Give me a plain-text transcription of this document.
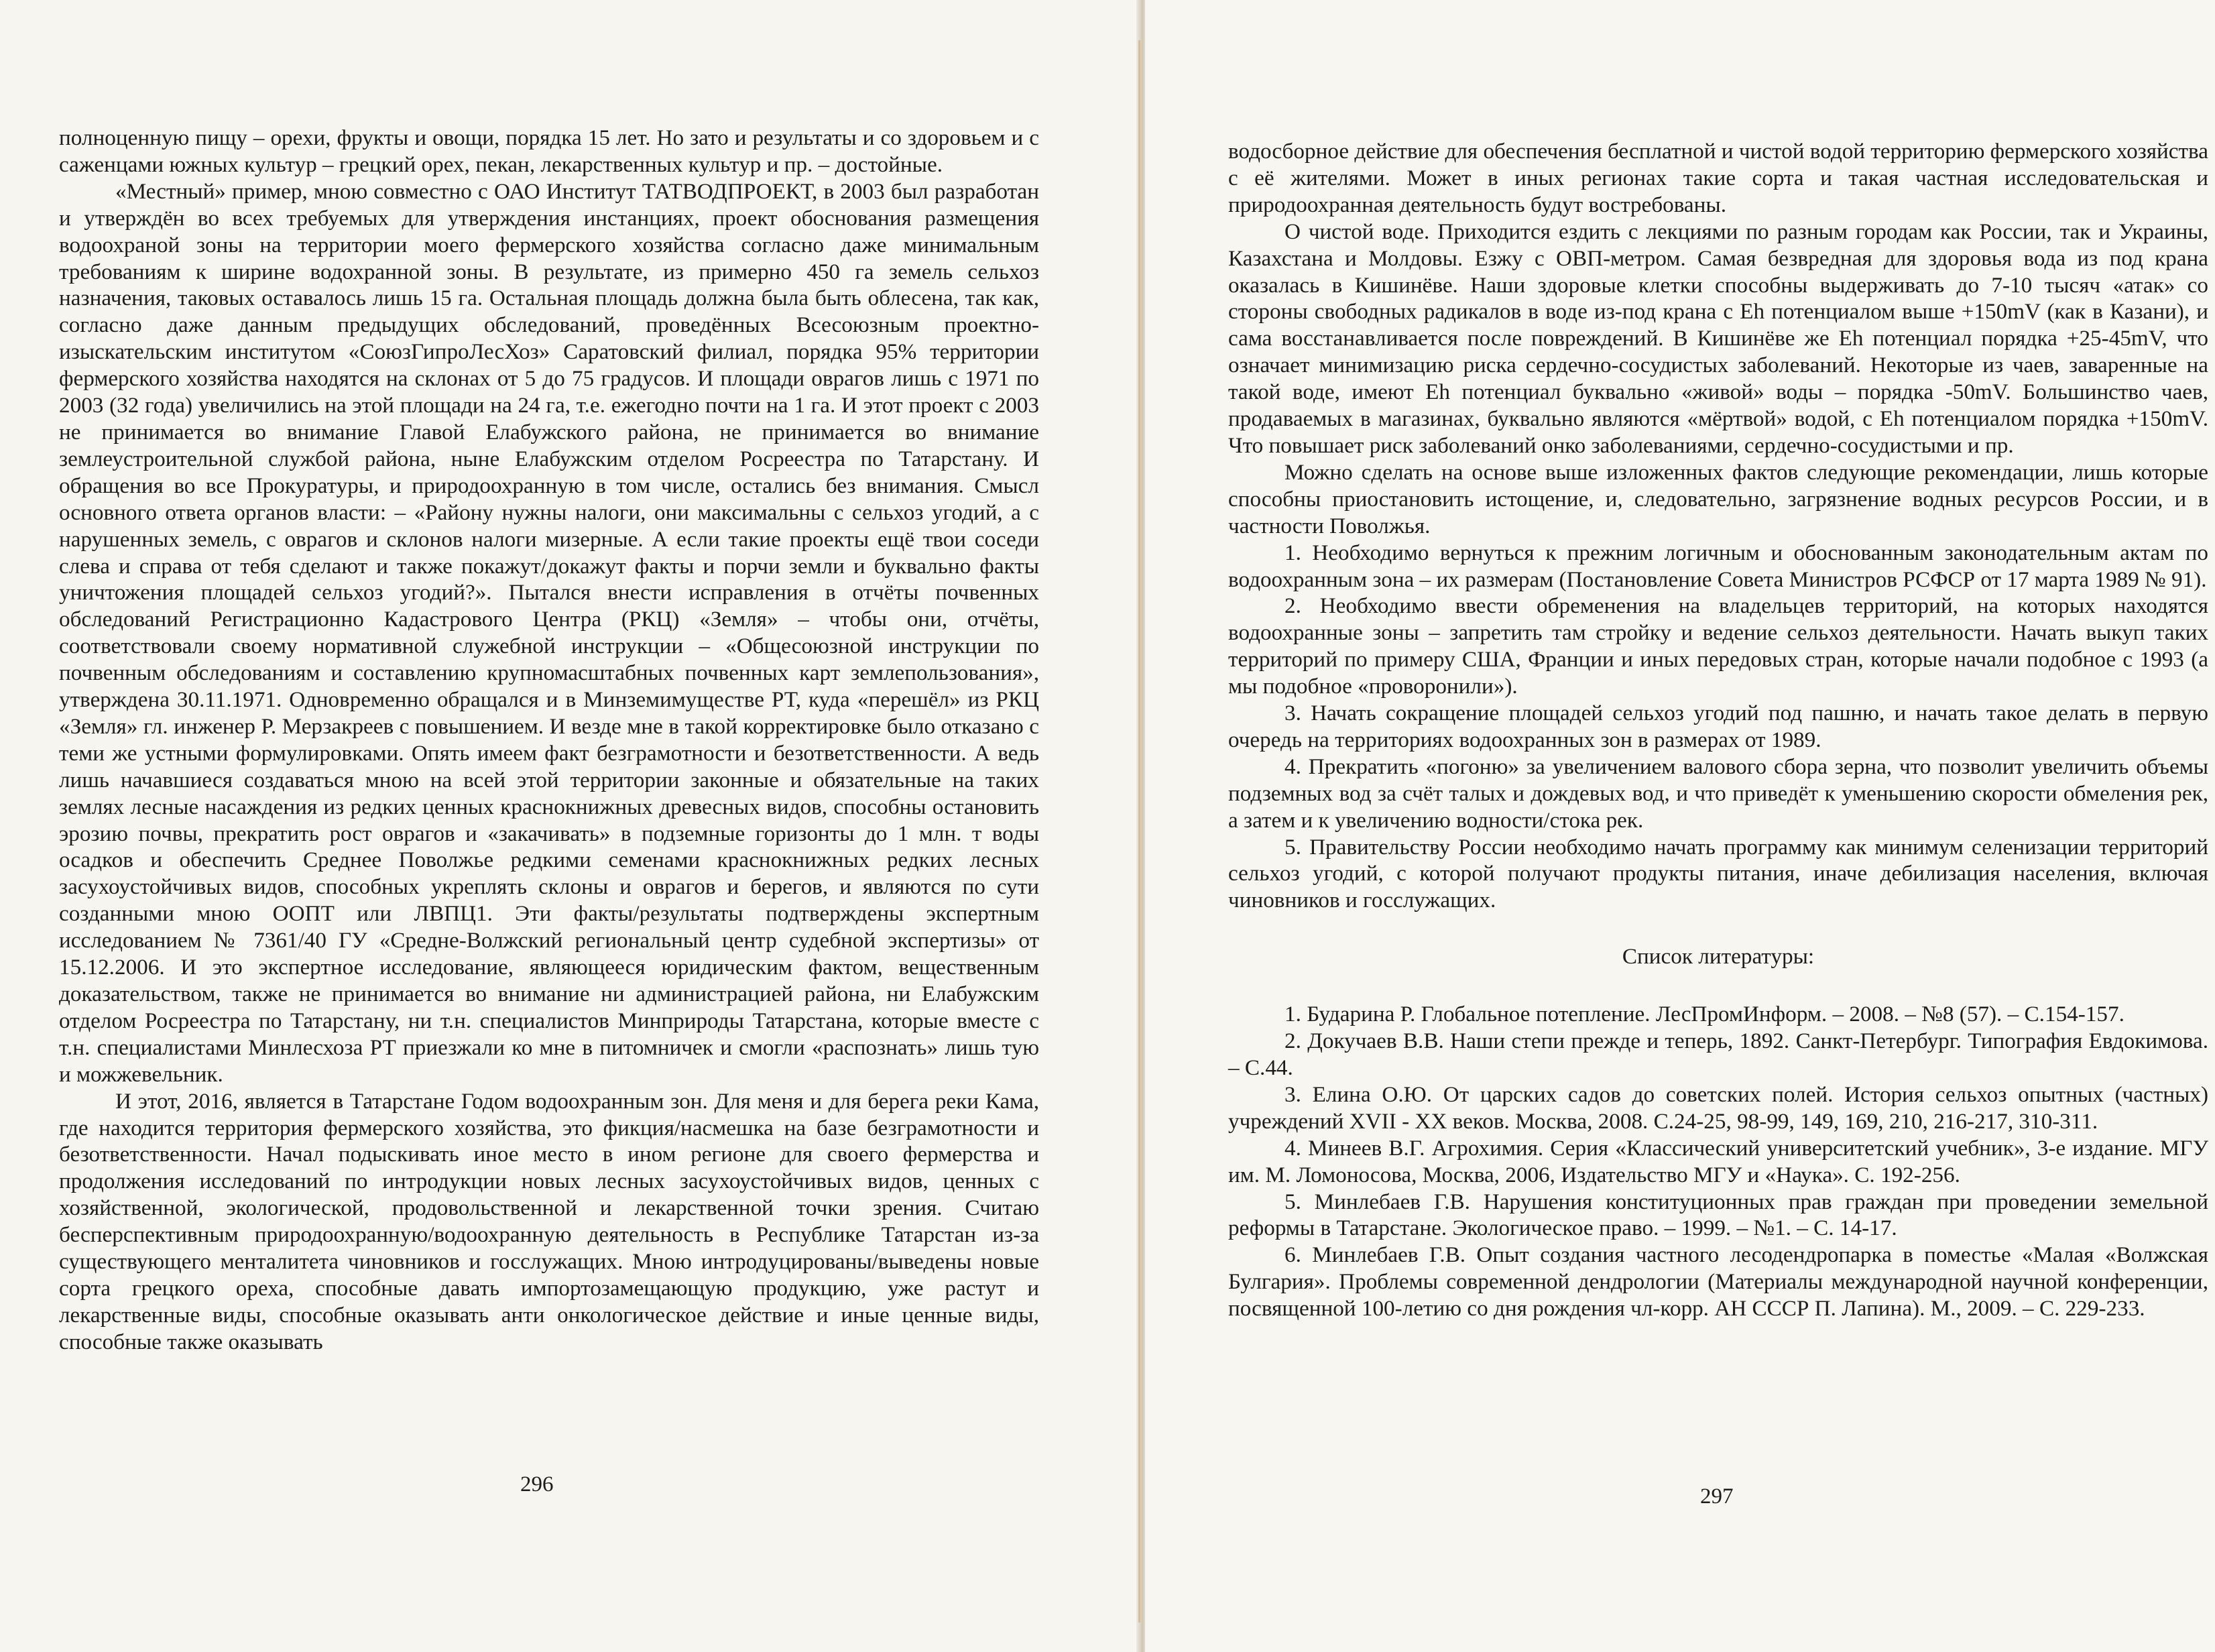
полноценную пищу – орехи, фрукты и овощи, порядка 15 лет. Но зато и результаты и со здоровьем и с саженцами южных культур – грецкий орех, пекан, лекарственных культур и пр. – достойные.

«Местный» пример, мною совместно с ОАО Институт ТАТВОДПРОЕКТ, в 2003 был разработан и утверждён во всех требуемых для утверждения инстанциях, проект обоснования размещения водоохраной зоны на территории моего фермерского хозяйства согласно даже минимальным требованиям к ширине водохранной зоны. В результате, из примерно 450 га земель сельхоз назначения, таковых оставалось лишь 15 га. Остальная площадь должна была быть облесена, так как, согласно даже данным предыдущих обследований, проведённых Всесоюзным проектно-изыскательским институтом «СоюзГипроЛесХоз» Саратовский филиал, порядка 95% территории фермерского хозяйства находятся на склонах от 5 до 75 градусов. И площади оврагов лишь с 1971 по 2003 (32 года) увеличились на этой площади на 24 га, т.е. ежегодно почти на 1 га. И этот проект с 2003 не принимается во внимание Главой Елабужского района, не принимается во внимание землеустроительной службой района, ныне Елабужским отделом Росреестра по Татарстану. И обращения во все Прокуратуры, и природоохранную в том числе, остались без внимания. Смысл основного ответа органов власти: – «Району нужны налоги, они максимальны с сельхоз угодий, а с нарушенных земель, с оврагов и склонов налоги мизерные. А если такие проекты ещё твои соседи слева и справа от тебя сделают и также покажут/докажут факты и порчи земли и буквально факты уничтожения площадей сельхоз угодий?». Пытался внести исправления в отчёты почвенных обследований Регистрационно Кадастрового Центра (РКЦ) «Земля» – чтобы они, отчёты, соответствовали своему нормативной служебной инструкции – «Общесоюзной инструкции по почвенным обследованиям и составлению крупномасштабных почвенных карт землепользования», утверждена 30.11.1971. Одновременно обращался и в Минземимуществе РТ, куда «перешёл» из РКЦ «Земля» гл. инженер Р. Мерзакреев с повышением. И везде мне в такой корректировке было отказано с теми же устными формулировками. Опять имеем факт безграмотности и безответственности. А ведь лишь начавшиеся создаваться мною на всей этой территории законные и обязательные на таких землях лесные насаждения из редких ценных краснокнижных древесных видов, способны остановить эрозию почвы, прекратить рост оврагов и «закачивать» в подземные горизонты до 1 млн. т воды осадков и обеспечить Среднее Поволжье редкими семенами краснокнижных редких лесных засухоустойчивых видов, способных укреплять склоны и оврагов и берегов, и являются по сути созданными мною ООПТ или ЛВПЦ1. Эти факты/результаты подтверждены экспертным исследованием № 7361/40 ГУ «Средне-Волжский региональный центр судебной экспертизы» от 15.12.2006. И это экспертное исследование, являющееся юридическим фактом, вещественным доказательством, также не принимается во внимание ни администрацией района, ни Елабужским отделом Росреестра по Татарстану, ни т.н. специалистов Минприроды Татарстана, которые вместе с т.н. специалистами Минлесхоза РТ приезжали ко мне в питомничек и смогли «распознать» лишь тую и можжевельник.

И этот, 2016, является в Татарстане Годом водоохранным зон. Для меня и для берега реки Кама, где находится территория фермерского хозяйства, это фикция/насмешка на базе безграмотности и безответственности. Начал подыскивать иное место в ином регионе для своего фермерства и продолжения исследований по интродукции новых лесных засухоустойчивых видов, ценных с хозяйственной, экологической, продовольственной и лекарственной точки зрения. Считаю бесперспективным природоохранную/водоохранную деятельность в Республике Татарстан из-за существующего менталитета чиновников и госслужащих. Мною интродуцированы/выведены новые сорта грецкого ореха, способные давать импортозамещающую продукцию, уже растут и лекарственные виды, способные оказывать анти онкологическое действие и иные ценные виды, способные также оказывать

296

водосборное действие для обеспечения бесплатной и чистой водой территорию фермерского хозяйства с её жителями. Может в иных регионах такие сорта и такая частная исследовательская и природоохранная деятельность будут востребованы.

О чистой воде. Приходится ездить с лекциями по разным городам как России, так и Украины, Казахстана и Молдовы. Езжу с ОВП-метром. Самая безвредная для здоровья вода из под крана оказалась в Кишинёве. Наши здоровые клетки способны выдерживать до 7-10 тысяч «атак» со стороны свободных радикалов в воде из-под крана с Eh потенциалом выше +150mV (как в Казани), и сама восстанавливается после повреждений. В Кишинёве же Eh потенциал порядка +25-45mV, что означает минимизацию риска сердечно-сосудистых заболеваний. Некоторые из чаев, заваренные на такой воде, имеют Eh потенциал буквально «живой» воды – порядка -50mV. Большинство чаев, продаваемых в магазинах, буквально являются «мёртвой» водой, с Eh потенциалом порядка +150mV. Что повышает риск заболеваний онко заболеваниями, сердечно-сосудистыми и пр.

Можно сделать на основе выше изложенных фактов следующие рекомендации, лишь которые способны приостановить истощение, и, следовательно, загрязнение водных ресурсов России, и в частности Поволжья.

1. Необходимо вернуться к прежним логичным и обоснованным законодательным актам по водоохранным зона – их размерам (Постановление Совета Министров РСФСР от 17 марта 1989 № 91).

2. Необходимо ввести обременения на владельцев территорий, на которых находятся водоохранные зоны – запретить там стройку и ведение сельхоз деятельности. Начать выкуп таких территорий по примеру США, Франции и иных передовых стран, которые начали подобное с 1993 (а мы подобное «проворонили»).

3. Начать сокращение площадей сельхоз угодий под пашню, и начать такое делать в первую очередь на территориях водоохранных зон в размерах от 1989.

4. Прекратить «погоню» за увеличением валового сбора зерна, что позволит увеличить объемы подземных вод за счёт талых и дождевых вод, и что приведёт к уменьшению скорости обмеления рек, а затем и к увеличению водности/стока рек.

5. Правительству России необходимо начать программу как минимум селенизации территорий сельхоз угодий, с которой получают продукты питания, иначе дебилизация населения, включая чиновников и госслужащих.

Список литературы:

1. Бударина Р. Глобальное потепление. ЛесПромИнформ. – 2008. – №8 (57). – С.154-157.

2. Докучаев В.В. Наши степи прежде и теперь, 1892. Санкт-Петербург. Типография Евдокимова. – С.44.

3. Елина О.Ю. От царских садов до советских полей. История сельхоз опытных (частных) учреждений XVII - XX веков. Москва, 2008. С.24-25, 98-99, 149, 169, 210, 216-217, 310-311.

4. Минеев В.Г. Агрохимия. Серия «Классический университетский учебник», 3-е издание. МГУ им. М. Ломоносова, Москва, 2006, Издательство МГУ и «Наука». С. 192-256.

5. Минлебаев Г.В. Нарушения конституционных прав граждан при проведении земельной реформы в Татарстане. Экологическое право. – 1999. – №1. – С. 14-17.

6. Минлебаев Г.В. Опыт создания частного лесодендропарка в поместье «Малая «Волжская Булгария». Проблемы современной дендрологии (Материалы международной научной конференции, посвященной 100-летию со дня рождения чл-корр. АН СССР П. Лапина). М., 2009. – С. 229-233.

297
